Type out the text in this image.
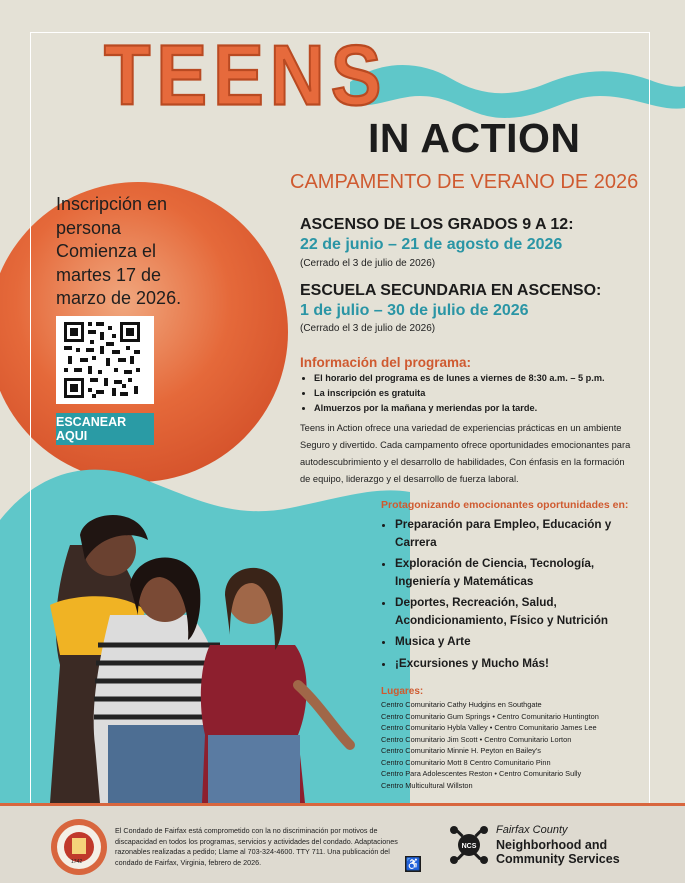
TEENS
IN ACTION
CAMPAMENTO DE VERANO DE 2026
Inscripción en persona Comienza el martes 17 de marzo de 2026.
ESCANEAR AQUI
ASCENSO DE LOS GRADOS 9 A 12:
22 de junio – 21 de agosto de 2026
(Cerrado el 3 de julio de 2026)
ESCUELA SECUNDARIA EN ASCENSO:
1 de julio – 30 de julio de 2026
(Cerrado el 3 de julio de 2026)
Información del programa:
• El horario del programa es de lunes a viernes de 8:30 a.m. – 5 p.m.
• La inscripción es gratuita
• Almuerzos por la mañana y meriendas por la tarde.
Teens in Action ofrece una variedad de experiencias prácticas en un ambiente Seguro y divertido. Cada campamento ofrece oportunidades emocionantes para autodescubrimiento y el desarrollo de habilidades, Con énfasis en la formación de equipo, liderazgo y el desarrollo de fuerza laboral.
Protagonizando emocionantes oportunidades en:
• Preparación para Empleo, Educación y Carrera
• Exploración de Ciencia, Tecnología, Ingeniería y Matemáticas
• Deportes, Recreación, Salud, Acondicionamiento, Físico y Nutrición
• Musica y Arte
• ¡Excursiones y Mucho Más!
Lugares:
Centro Comunitario Cathy Hudgins en Southgate
Centro Comunitario Gum Springs • Centro Comunitario Huntington
Centro Comunitario Hybla Valley • Centro Comunitario James Lee
Centro Comunitario Jim Scott • Centro Comunitario Lorton
Centro Comunitario Minnie H. Peyton en Bailey's
Centro Comunitario Mott 8 Centro Comunitario Pinn
Centro Para Adolescentes Reston • Centro Comunitario Sully
Centro Multicultural Willston
1742
El Condado de Fairfax está comprometido con la no discriminación por motivos de discapacidad en todos los programas, servicios y actividades del condado. Adaptaciones razonables realizadas a pedido; Llame al 703-324-4600. TTY 711. Una publicación del condado de Fairfax, Virginia, febrero de 2026.	♿
NCS
Fairfax County
Neighborhood and
Community Services
